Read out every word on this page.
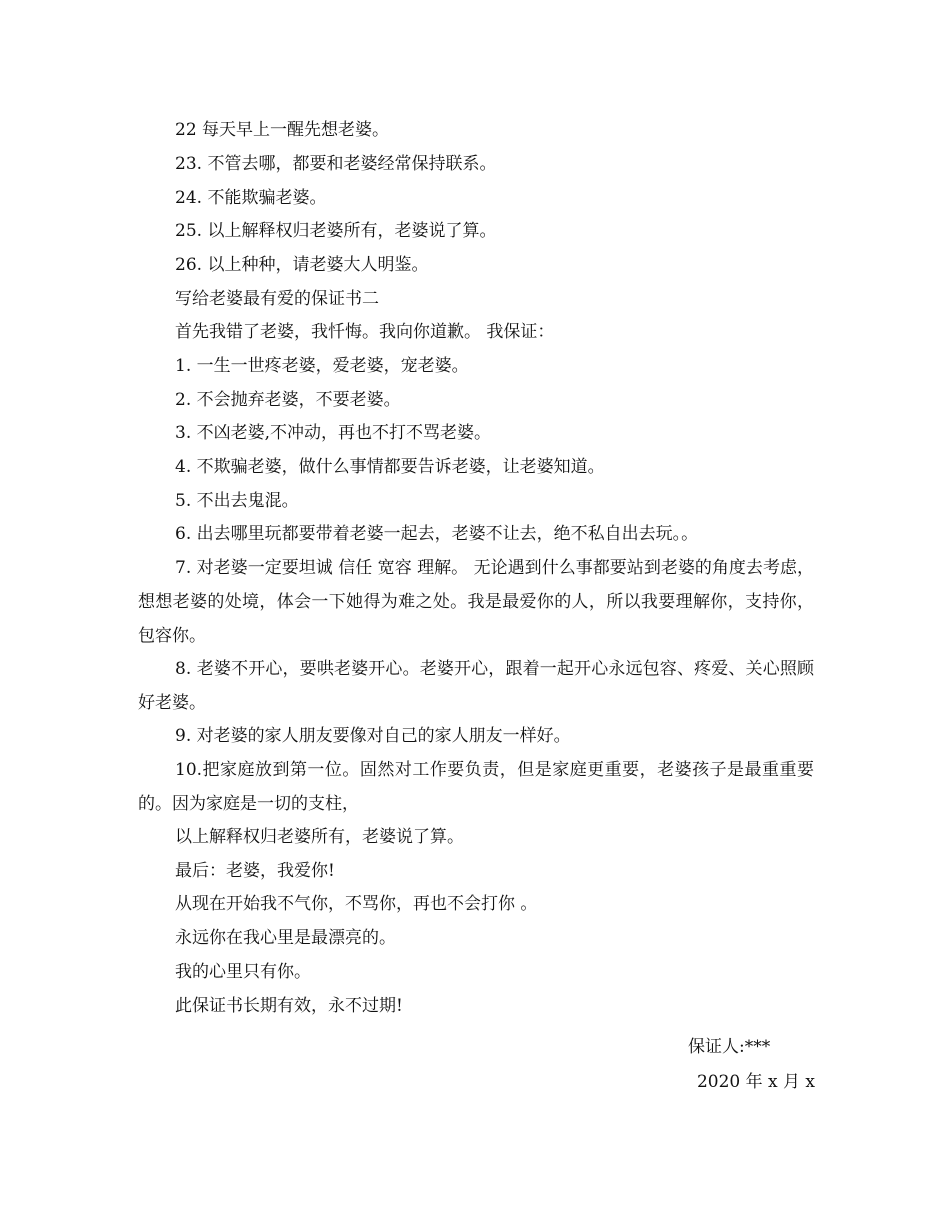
22 每天早上一醒先想老婆。
23. 不管去哪，都要和老婆经常保持联系。
24. 不能欺骗老婆。
25. 以上解释权归老婆所有，老婆说了算。
26. 以上种种，请老婆大人明鉴。
写给老婆最有爱的保证书二
首先我错了老婆，我忏悔。我向你道歉。 我保证：
1. 一生一世疼老婆，爱老婆，宠老婆。
2. 不会抛弃老婆，不要老婆。
3. 不凶老婆,不冲动，再也不打不骂老婆。
4. 不欺骗老婆，做什么事情都要告诉老婆，让老婆知道。
5. 不出去鬼混。
6. 出去哪里玩都要带着老婆一起去，老婆不让去，绝不私自出去玩。。
7. 对老婆一定要坦诚 信任 宽容 理解。 无论遇到什么事都要站到老婆的角度去考虑，想想老婆的处境，体会一下她得为难之处。我是最爱你的人，所以我要理解你，支持你，包容你。
8. 老婆不开心，要哄老婆开心。老婆开心，跟着一起开心永远包容、疼爱、关心照顾好老婆。
9. 对老婆的家人朋友要像对自己的家人朋友一样好。
10.把家庭放到第一位。固然对工作要负责，但是家庭更重要，老婆孩子是最重重要的。因为家庭是一切的支柱，
以上解释权归老婆所有，老婆说了算。
最后：老婆，我爱你!
从现在开始我不气你，不骂你，再也不会打你 。
永远你在我心里是最漂亮的。
我的心里只有你。
此保证书长期有效，永不过期!
保证人:***
2020 年 x 月 x
